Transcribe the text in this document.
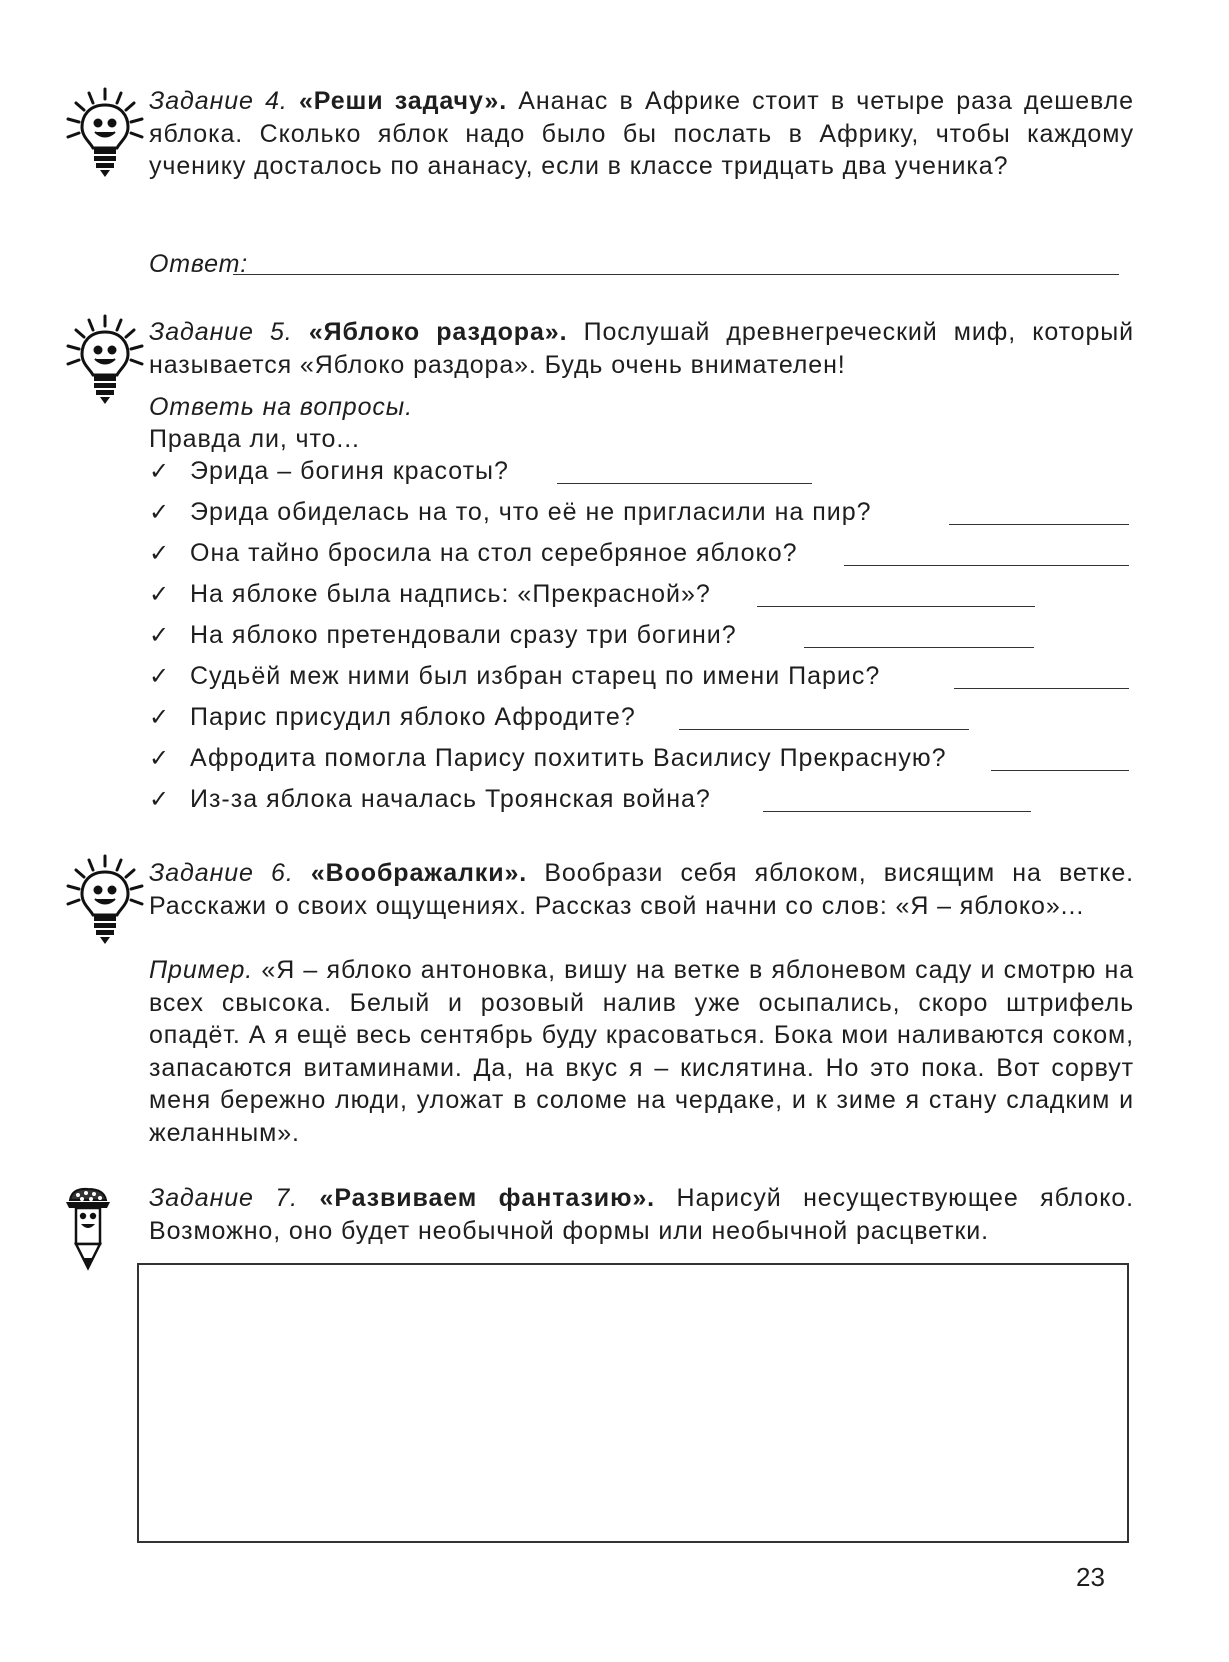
Задание 4. «Реши задачу». Ананас в Африке стоит в четыре раза дешевле яблока. Сколько яблок надо было бы послать в Африку, чтобы каждому ученику досталось по ананасу, если в классе тридцать два ученика?

Ответ:

Задание 5. «Яблоко раздора». Послушай древнегреческий миф, который называется «Яблоко раздора». Будь очень внимателен!

Ответь на вопросы.

Правда ли, что...

✓ Эрида – богиня красоты?
✓ Эрида обиделась на то, что её не пригласили на пир?
✓ Она тайно бросила на стол серебряное яблоко?
✓ На яблоке была надпись: «Прекрасной»?
✓ На яблоко претендовали сразу три богини?
✓ Судьёй меж ними был избран старец по имени Парис?
✓ Парис присудил яблоко Афродите?
✓ Афродита помогла Парису похитить Василису Прекрасную?
✓ Из-за яблока началась Троянская война?

Задание 6. «Воображалки». Вообрази себя яблоком, висящим на ветке. Расскажи о своих ощущениях. Рассказ свой начни со слов: «Я – яблоко»...

Пример. «Я – яблоко антоновка, вишу на ветке в яблоневом саду и смотрю на всех свысока. Белый и розовый налив уже осыпались, скоро штрифель опадёт. А я ещё весь сентябрь буду красоваться. Бока мои наливаются соком, запасаются витаминами. Да, на вкус я – кислятина. Но это пока. Вот сорвут меня бережно люди, уложат в соломе на чердаке, и к зиме я стану сладким и желанным».

Задание 7. «Развиваем фантазию». Нарисуй несуществующее яблоко. Возможно, оно будет необычной формы или необычной расцветки.

23
